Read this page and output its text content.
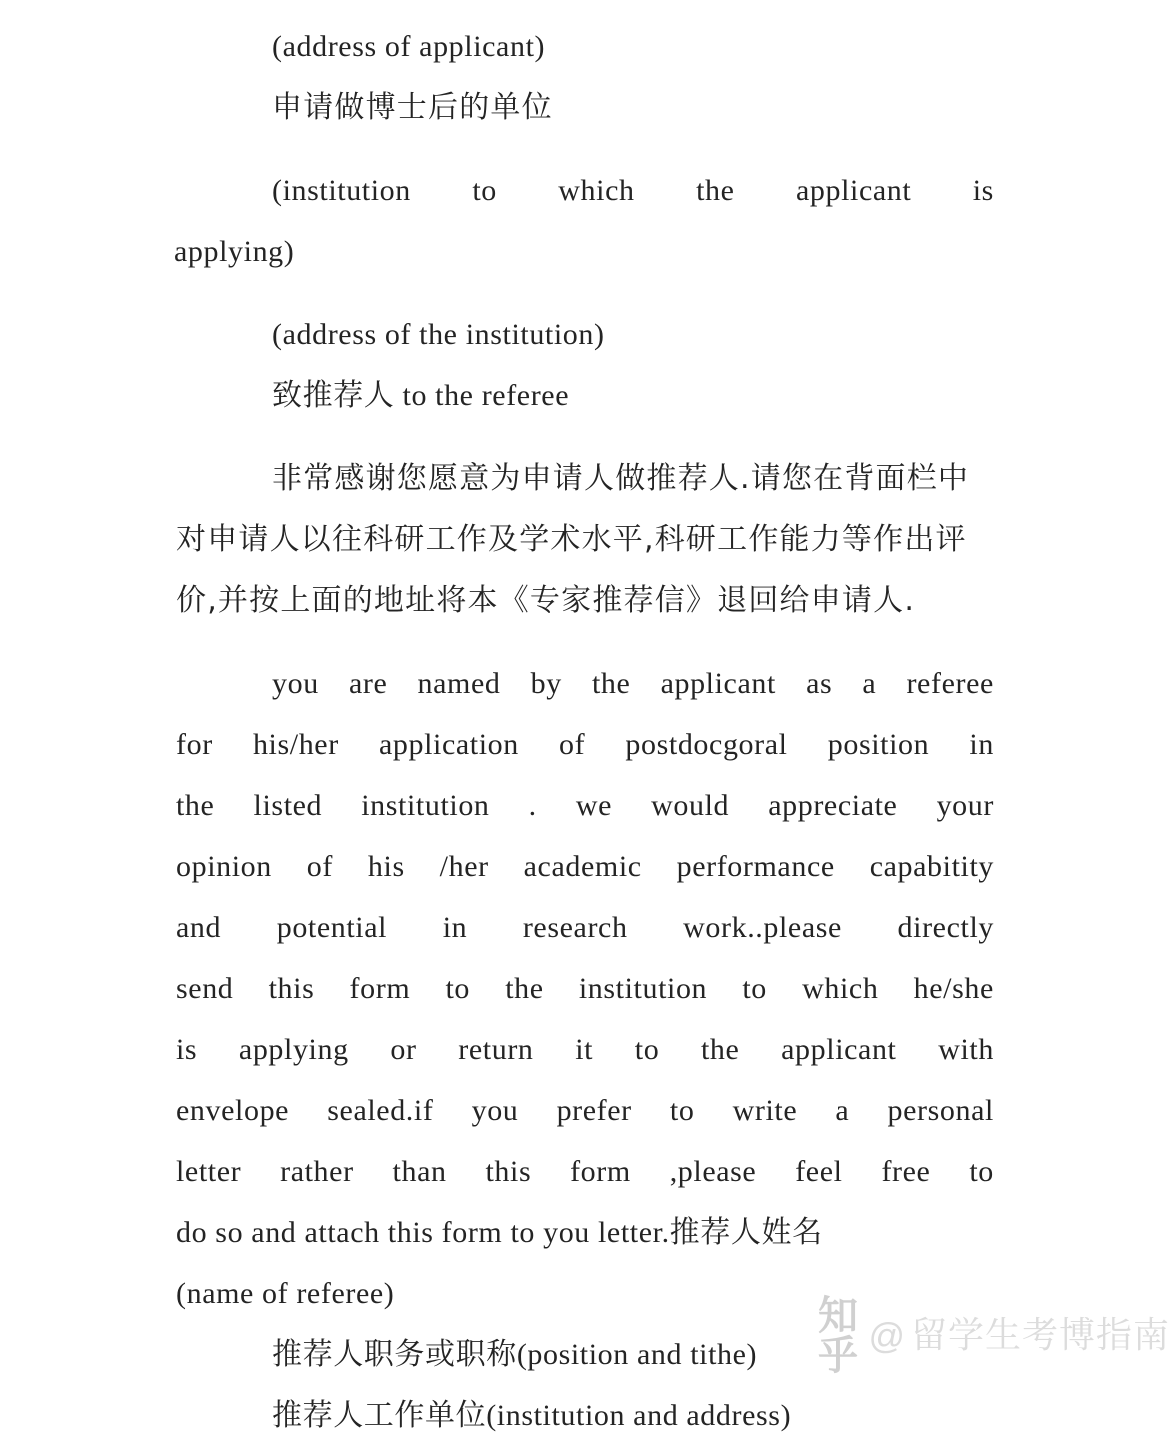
(address of applicant)
申请做博士后的单位
(institution to which the applicant is
applying)
(address of the institution)
致推荐人 to the referee
非常感谢您愿意为申请人做推荐人.请您在背面栏中
对申请人以往科研工作及学术水平,科研工作能力等作出评
价,并按上面的地址将本《专家推荐信》退回给申请人.
you are named by the applicant as a referee
for his/her application of postdocgoral position in
the listed institution . we would appreciate your
opinion of his /her academic performance capabitity
and potential in research work..please directly
send this form to the institution to which he/she
is applying or return it to the applicant with
envelope sealed.if you prefer to write a personal
letter rather than this form ,please feel free to
do so and attach this form to you letter.推荐人姓名
(name of referee)
推荐人职务或职称(position and tithe)
推荐人工作单位(institution and address)
知乎 @ 留学生考博指南
